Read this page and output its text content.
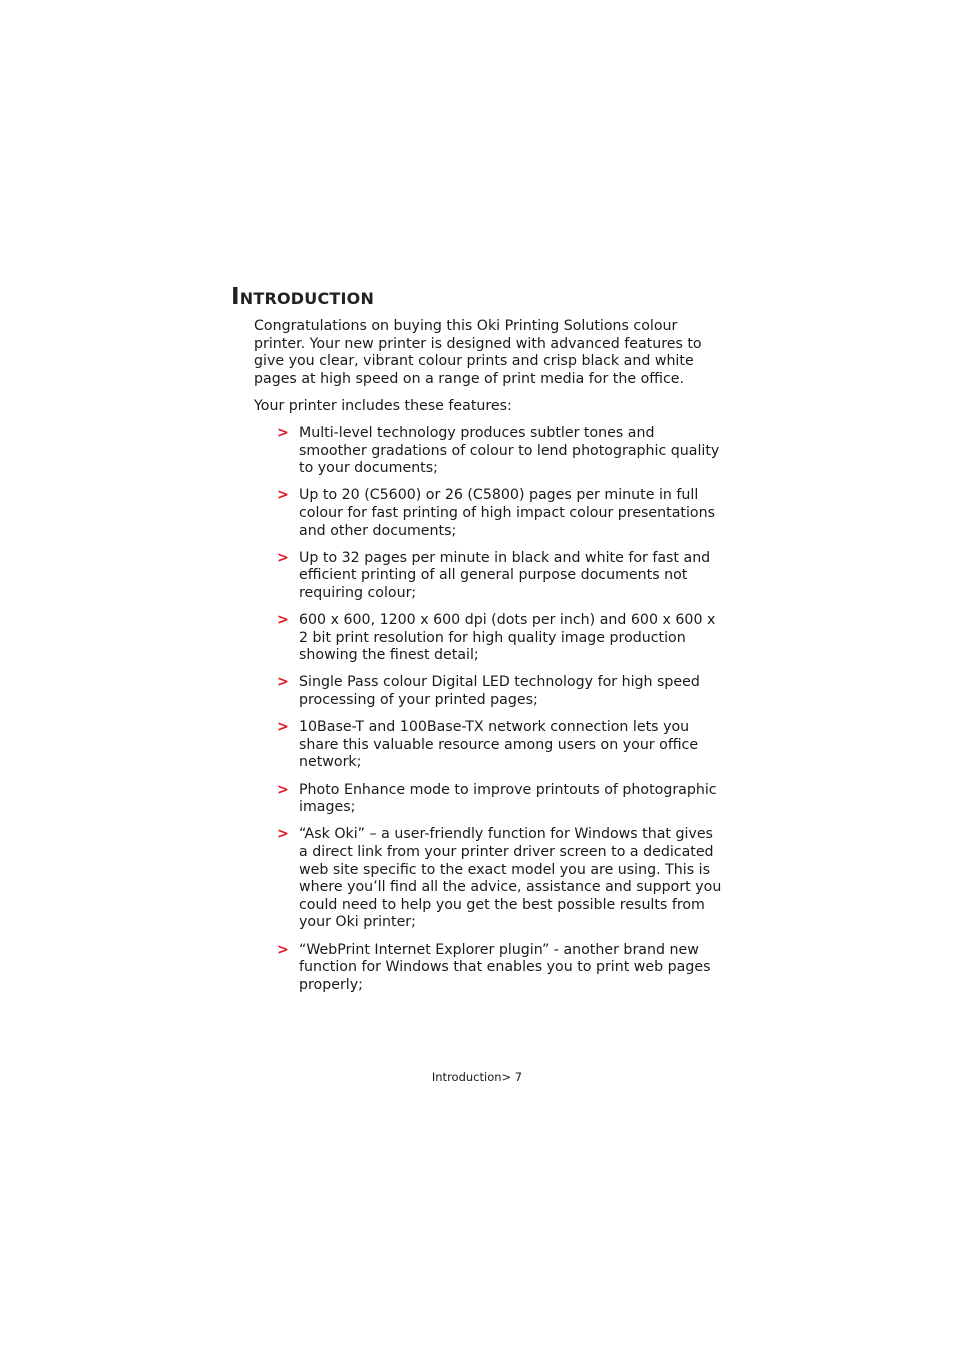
Introduction

Congratulations on buying this Oki Printing Solutions colour printer. Your new printer is designed with advanced features to give you clear, vibrant colour prints and crisp black and white pages at high speed on a range of print media for the office.

Your printer includes these features:

> Multi-level technology produces subtler tones and smoother gradations of colour to lend photographic quality to your documents;
> Up to 20 (C5600) or 26 (C5800) pages per minute in full colour for fast printing of high impact colour presentations and other documents;
> Up to 32 pages per minute in black and white for fast and efficient printing of all general purpose documents not requiring colour;
> 600 x 600, 1200 x 600 dpi (dots per inch) and 600 x 600 x 2 bit print resolution for high quality image production showing the finest detail;
> Single Pass colour Digital LED technology for high speed processing of your printed pages;
> 10Base-T and 100Base-TX network connection lets you share this valuable resource among users on your office network;
> Photo Enhance mode to improve printouts of photographic images;
> “Ask Oki” – a user-friendly function for Windows that gives a direct link from your printer driver screen to a dedicated web site specific to the exact model you are using. This is where you’ll find all the advice, assistance and support you could need to help you get the best possible results from your Oki printer;
> “WebPrint Internet Explorer plugin” - another brand new function for Windows that enables you to print web pages properly;
Introduction> 7
